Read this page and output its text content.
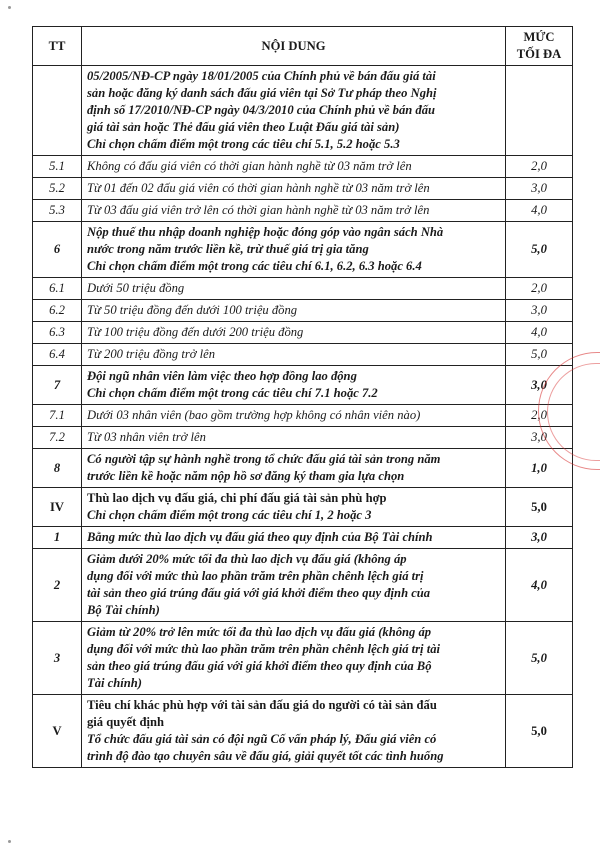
TT	NỘI DUNG	MỨC
TỐI ĐA

	05/2005/NĐ-CP ngày 18/01/2005 của Chính phủ về bán đấu giá tài
sản hoặc đăng ký danh sách đấu giá viên tại Sở Tư pháp theo Nghị
định số 17/2010/NĐ-CP ngày 04/3/2010 của Chính phủ về bán đấu
giá tài sản hoặc Thẻ đấu giá viên theo Luật Đấu giá tài sản)
Chỉ chọn chấm điểm một trong các tiêu chí 5.1, 5.2 hoặc 5.3	

5.1	Không có đấu giá viên có thời gian hành nghề từ 03 năm trở lên	2,0
5.2	Từ 01 đến 02 đấu giá viên có thời gian hành nghề từ 03 năm trở lên	3,0
5.3	Từ 03 đấu giá viên trở lên có thời gian hành nghề từ 03 năm trở lên	4,0
6	Nộp thuế thu nhập doanh nghiệp hoặc đóng góp vào ngân sách Nhà
nước trong năm trước liền kề, trừ thuế giá trị gia tăng
Chỉ chọn chấm điểm một trong các tiêu chí 6.1, 6.2, 6.3 hoặc 6.4	5,0
6.1	Dưới 50 triệu đồng	2,0
6.2	Từ 50 triệu đồng đến dưới 100 triệu đồng	3,0
6.3	Từ 100 triệu đồng đến dưới 200 triệu đồng	4,0
6.4	Từ 200 triệu đồng trở lên	5,0
7	Đội ngũ nhân viên làm việc theo hợp đồng lao động
Chỉ chọn chấm điểm một trong các tiêu chí 7.1 hoặc 7.2	3,0
7.1	Dưới 03 nhân viên (bao gồm trường hợp không có nhân viên nào)	2,0
7.2	Từ 03 nhân viên trở lên	3,0
8	Có người tập sự hành nghề trong tổ chức đấu giá tài sản trong năm
trước liền kề hoặc năm nộp hồ sơ đăng ký tham gia lựa chọn	1,0
IV	Thù lao dịch vụ đấu giá, chi phí đấu giá tài sản phù hợp
Chỉ chọn chấm điểm một trong các tiêu chí 1, 2 hoặc 3	5,0
1	Bằng mức thù lao dịch vụ đấu giá theo quy định của Bộ Tài chính	3,0
2	Giảm dưới 20% mức tối đa thù lao dịch vụ đấu giá (không áp
dụng đối với mức thù lao phần trăm trên phần chênh lệch giá trị
tài sản theo giá trúng đấu giá với giá khởi điểm theo quy định của
Bộ Tài chính)	4,0
3	Giảm từ 20% trở lên mức tối đa thù lao dịch vụ đấu giá (không áp
dụng đối với mức thù lao phần trăm trên phần chênh lệch giá trị tài
sản theo giá trúng đấu giá với giá khởi điểm theo quy định của Bộ
Tài chính)	5,0
V	Tiêu chí khác phù hợp với tài sản đấu giá do người có tài sản đấu
giá quyết định
Tổ chức đấu giá tài sản có đội ngũ Cố vấn pháp lý, Đấu giá viên có
trình độ đào tạo chuyên sâu về đấu giá, giải quyết tốt các tình huống	5,0
